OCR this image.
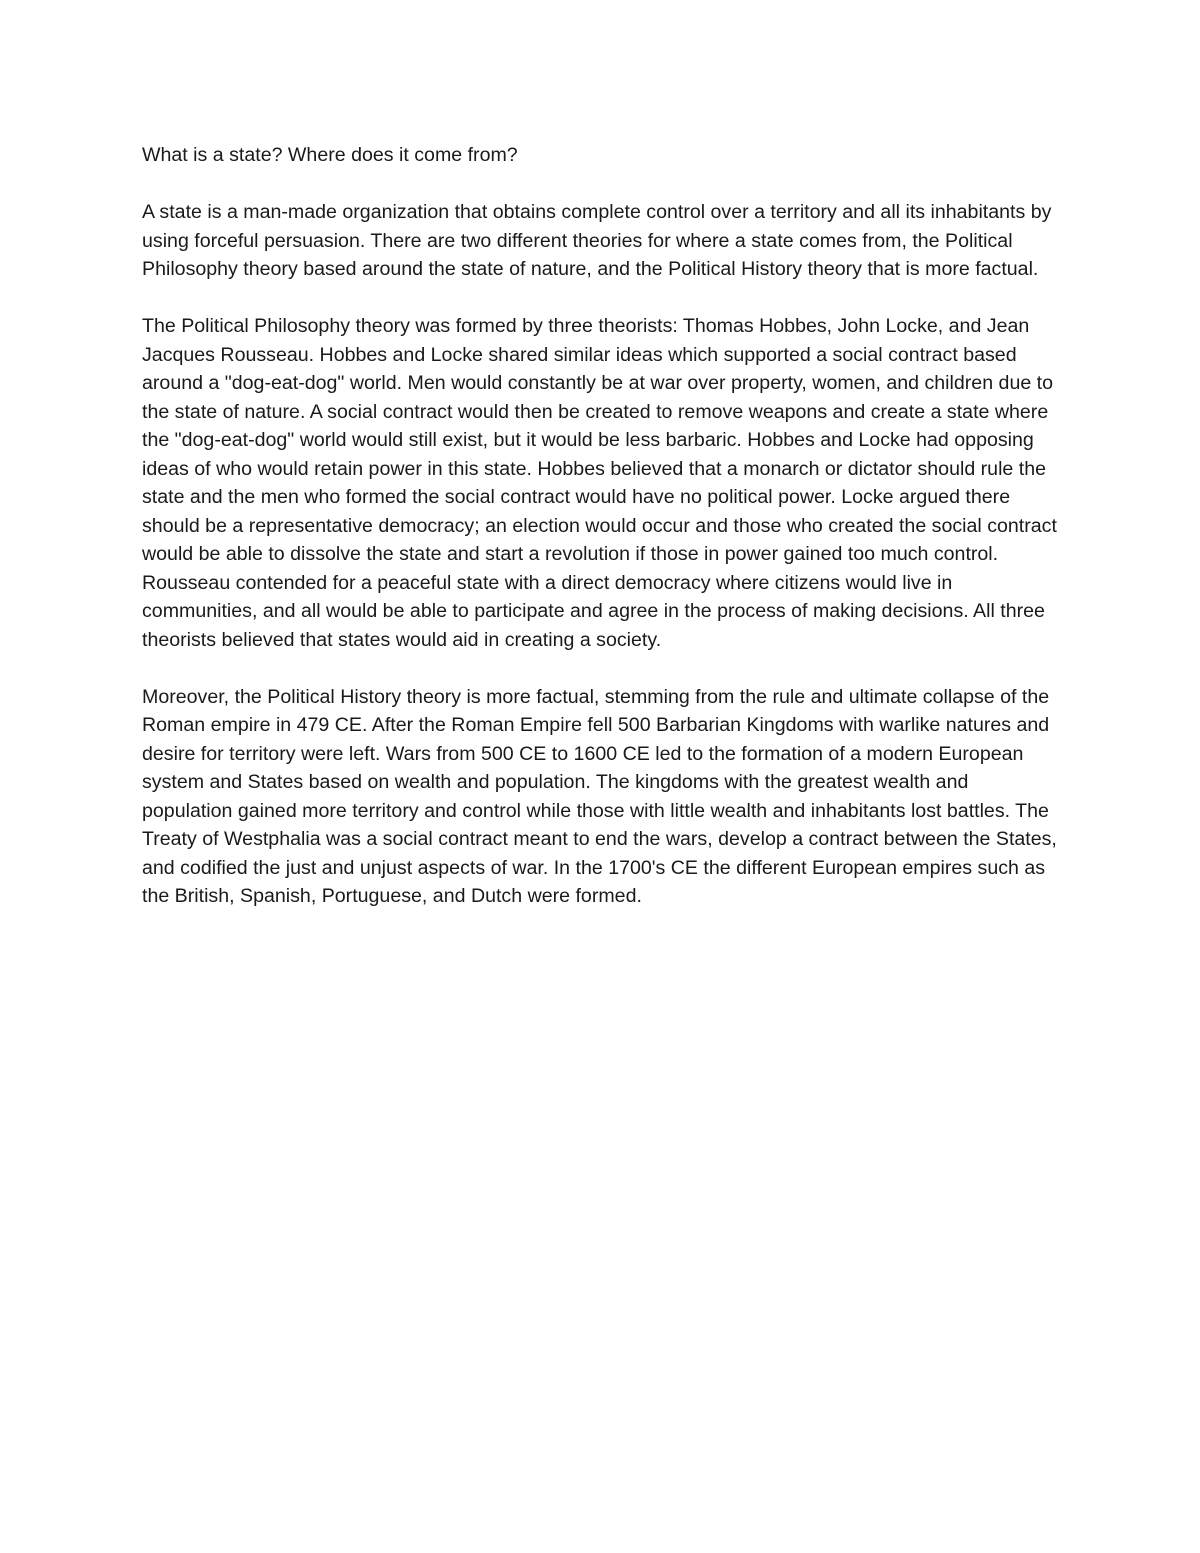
What is a state? Where does it come from?

A state is a man-made organization that obtains complete control over a territory and all its inhabitants by using forceful persuasion. There are two different theories for where a state comes from, the Political Philosophy theory based around the state of nature, and the Political History theory that is more factual.

The Political Philosophy theory was formed by three theorists: Thomas Hobbes, John Locke, and Jean Jacques Rousseau. Hobbes and Locke shared similar ideas which supported a social contract based around a "dog-eat-dog" world. Men would constantly be at war over property, women, and children due to the state of nature. A social contract would then be created to remove weapons and create a state where the "dog-eat-dog" world would still exist, but it would be less barbaric. Hobbes and Locke had opposing ideas of who would retain power in this state. Hobbes believed that a monarch or dictator should rule the state and the men who formed the social contract would have no political power. Locke argued there should be a representative democracy; an election would occur and those who created the social contract would be able to dissolve the state and start a revolution if those in power gained too much control. Rousseau contended for a peaceful state with a direct democracy where citizens would live in communities, and all would be able to participate and agree in the process of making decisions. All three theorists believed that states would aid in creating a society.

Moreover, the Political History theory is more factual, stemming from the rule and ultimate collapse of the Roman empire in 479 CE. After the Roman Empire fell 500 Barbarian Kingdoms with warlike natures and desire for territory were left. Wars from 500 CE to 1600 CE led to the formation of a modern European system and States based on wealth and population. The kingdoms with the greatest wealth and population gained more territory and control while those with little wealth and inhabitants lost battles. The Treaty of Westphalia was a social contract meant to end the wars, develop a contract between the States, and codified the just and unjust aspects of war. In the 1700's CE the different European empires such as the British, Spanish, Portuguese, and Dutch were formed.
